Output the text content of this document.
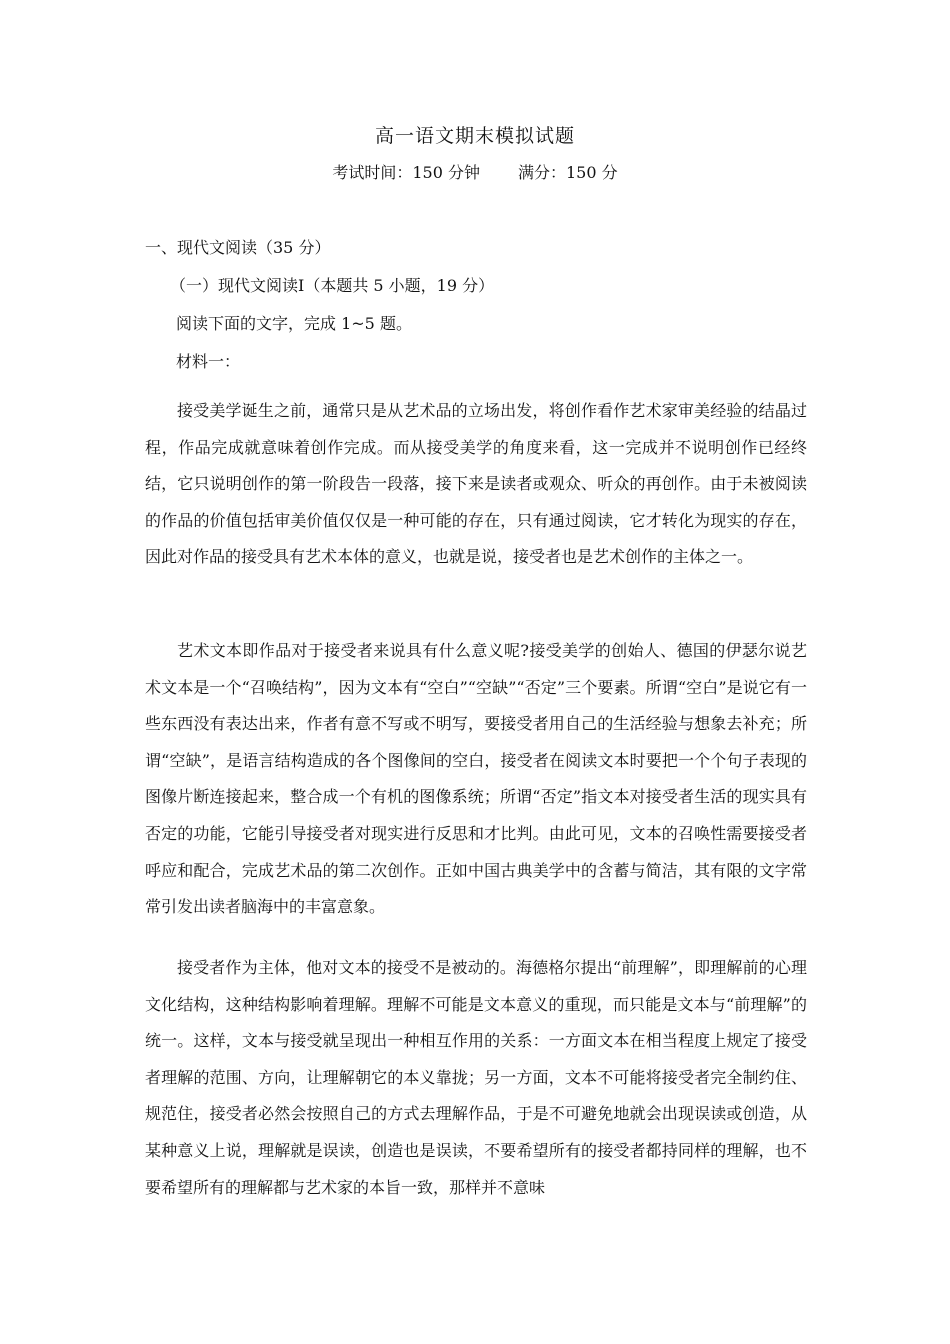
高一语文期末模拟试题
考试时间：150 分钟 满分：150 分
一、现代文阅读（35 分）
（一）现代文阅读Ⅰ（本题共 5 小题，19 分）
阅读下面的文字，完成 1~5 题。
材料一：

接受美学诞生之前，通常只是从艺术品的立场出发，将创作看作艺术家审美经验的结晶过程，作品完成就意味着创作完成。而从接受美学的角度来看，这一完成并不说明创作已经终结，它只说明创作的第一阶段告一段落，接下来是读者或观众、听众的再创作。由于未被阅读的作品的价值包括审美价值仅仅是一种可能的存在，只有通过阅读，它才转化为现实的存在，因此对作品的接受具有艺术本体的意义，也就是说，接受者也是艺术创作的主体之一。

艺术文本即作品对于接受者来说具有什么意义呢?接受美学的创始人、德国的伊瑟尔说艺术文本是一个“召唤结构”，因为文本有“空白”“空缺”“否定”三个要素。所谓“空白”是说它有一些东西没有表达出来，作者有意不写或不明写，要接受者用自己的生活经验与想象去补充；所谓“空缺”，是语言结构造成的各个图像间的空白，接受者在阅读文本时要把一个个句子表现的图像片断连接起来，整合成一个有机的图像系统；所谓“否定”指文本对接受者生活的现实具有否定的功能，它能引导接受者对现实进行反思和才比判。由此可见，文本的召唤性需要接受者呼应和配合，完成艺术品的第二次创作。正如中国古典美学中的含蓄与简洁，其有限的文字常常引发出读者脑海中的丰富意象。

接受者作为主体，他对文本的接受不是被动的。海德格尔提出“前理解”，即理解前的心理文化结构，这种结构影响着理解。理解不可能是文本意义的重现，而只能是文本与“前理解”的统一。这样，文本与接受就呈现出一种相互作用的关系：一方面文本在相当程度上规定了接受者理解的范围、方向，让理解朝它的本义靠拢；另一方面，文本不可能将接受者完全制约住、规范住，接受者必然会按照自己的方式去理解作品，于是不可避免地就会出现误读或创造，从某种意义上说，理解就是误读，创造也是误读，不要希望所有的接受者都持同样的理解，也不要希望所有的理解都与艺术家的本旨一致，那样并不意味
